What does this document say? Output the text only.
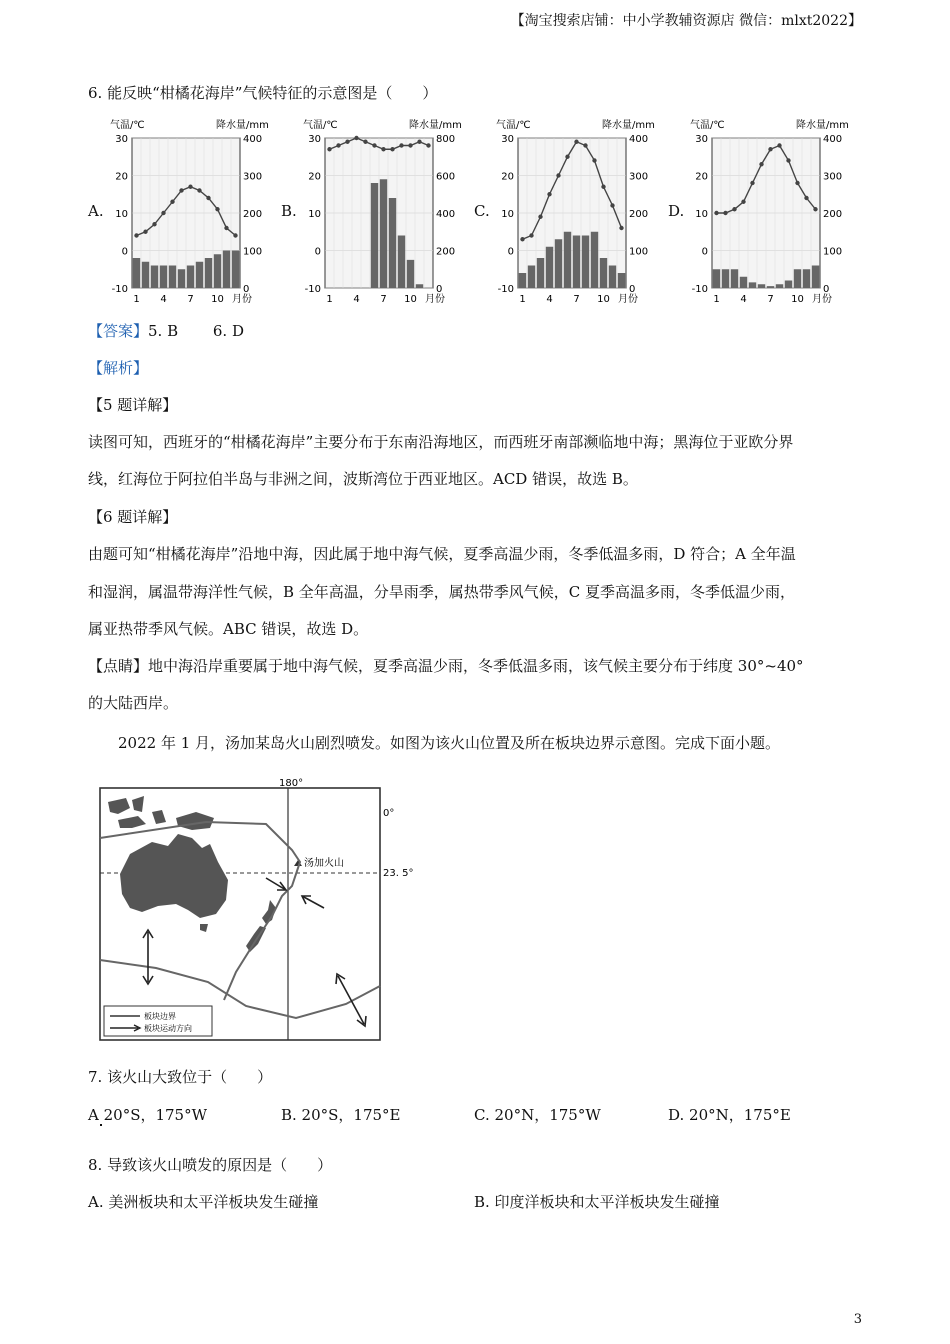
【淘宝搜索店铺：中小学教辅资源店 微信：mlxt2022】
6. 能反映“柑橘花海岸”气候特征的示意图是（　　）
A.	B.	C.	D.
气温/℃	降水量/mm
30
20
10
0
-10
400
300
200
100
0
1 4 7 10 月份
气温/℃	降水量/mm
30
20
10
0
-10
800
600
400
200
0
1 4 7 10 月份
气温/℃	降水量/mm
30
20
10
0
-10
400
300
200
100
0
1 4 7 10 月份
气温/℃	降水量/mm
30
20
10
0
-10
400
300
200
100
0
1 4 7 10 月份
【答案】5. B　　 6. D
【解析】
【5 题详解】
读图可知，西班牙的“柑橘花海岸”主要分布于东南沿海地区，而西班牙南部濒临地中海；黑海位于亚欧分界
线，红海位于阿拉伯半岛与非洲之间，波斯湾位于西亚地区。ACD 错误，故选 B。
【6 题详解】
由题可知“柑橘花海岸”沿地中海，因此属于地中海气候，夏季高温少雨，冬季低温多雨，D 符合；A 全年温
和湿润，属温带海洋性气候，B 全年高温，分旱雨季，属热带季风气候，C 夏季高温多雨，冬季低温少雨，
属亚热带季风气候。ABC 错误，故选 D。
【点睛】地中海沿岸重要属于地中海气候，夏季高温少雨，冬季低温多雨，该气候主要分布于纬度 30°~40°
的大陆西岸。
2022 年 1 月，汤加某岛火山剧烈喷发。如图为该火山位置及所在板块边界示意图。完成下面小题。
180°
0°
23. 5°
汤加火山
板块边界
板块运动方向
7. 该火山大致位于（　　）
A 20°S，175°W	B. 20°S，175°E	C. 20°N，175°W	D. 20°N，175°E
8. 导致该火山喷发的原因是（　　）
A. 美洲板块和太平洋板块发生碰撞	B. 印度洋板块和太平洋板块发生碰撞
3
